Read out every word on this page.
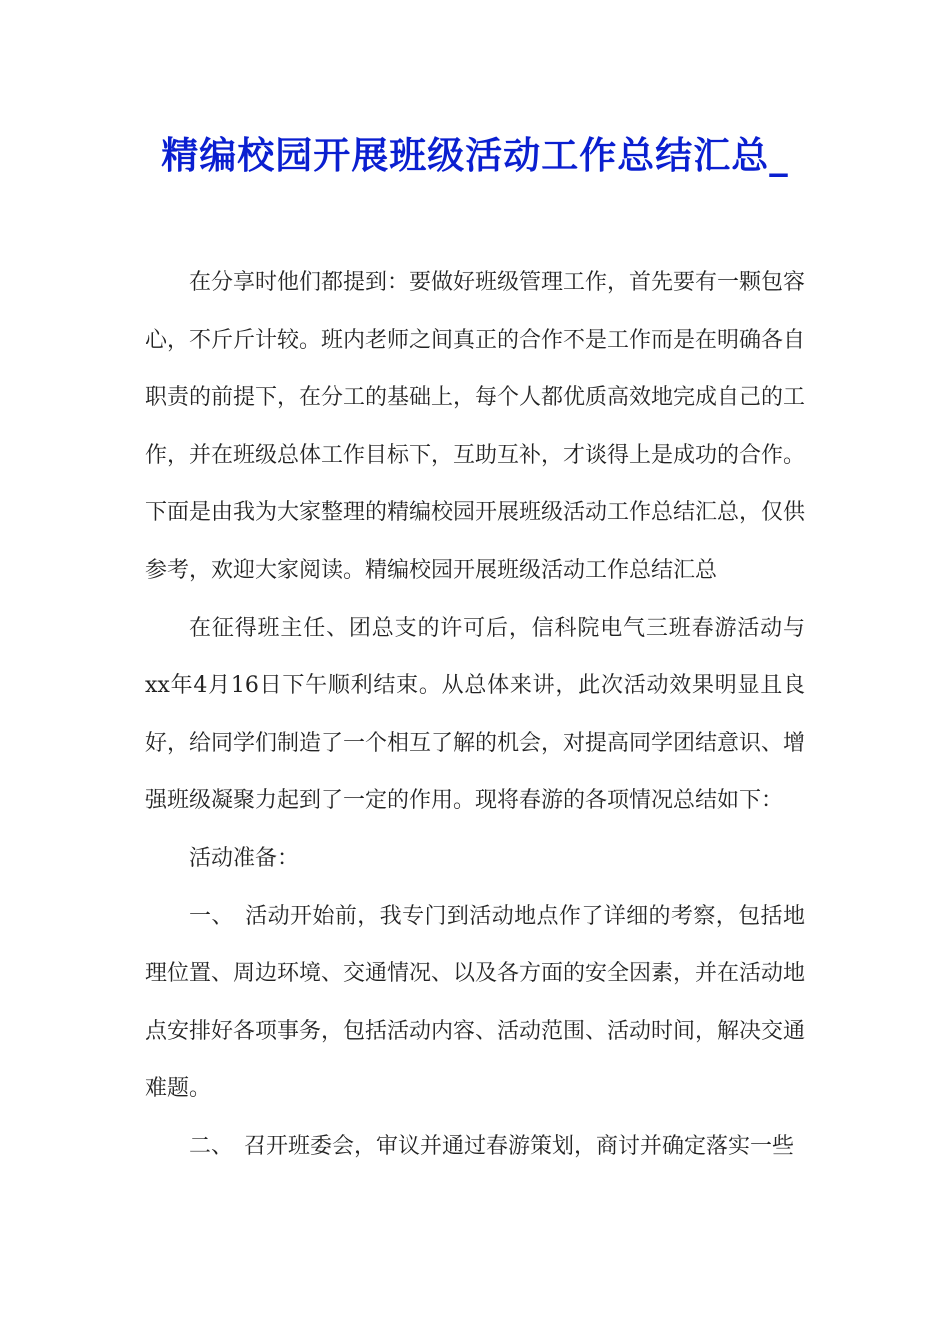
精编校园开展班级活动工作总结汇总_

在分享时他们都提到：要做好班级管理工作，首先要有一颗包容心，不斤斤计较。班内老师之间真正的合作不是工作而是在明确各自职责的前提下，在分工的基础上，每个人都优质高效地完成自己的工作，并在班级总体工作目标下，互助互补，才谈得上是成功的合作。下面是由我为大家整理的精编校园开展班级活动工作总结汇总，仅供参考，欢迎大家阅读。精编校园开展班级活动工作总结汇总

在征得班主任、团总支的许可后，信科院电气三班春游活动与xx年4月16日下午顺利结束。从总体来讲，此次活动效果明显且良好，给同学们制造了一个相互了解的机会，对提高同学团结意识、增强班级凝聚力起到了一定的作用。现将春游的各项情况总结如下：

活动准备：

一、　活动开始前，我专门到活动地点作了详细的考察，包括地理位置、周边环境、交通情况、以及各方面的安全因素，并在活动地点安排好各项事务，包括活动内容、活动范围、活动时间，解决交通难题。

二、　召开班委会，审议并通过春游策划，商讨并确定落实一些
